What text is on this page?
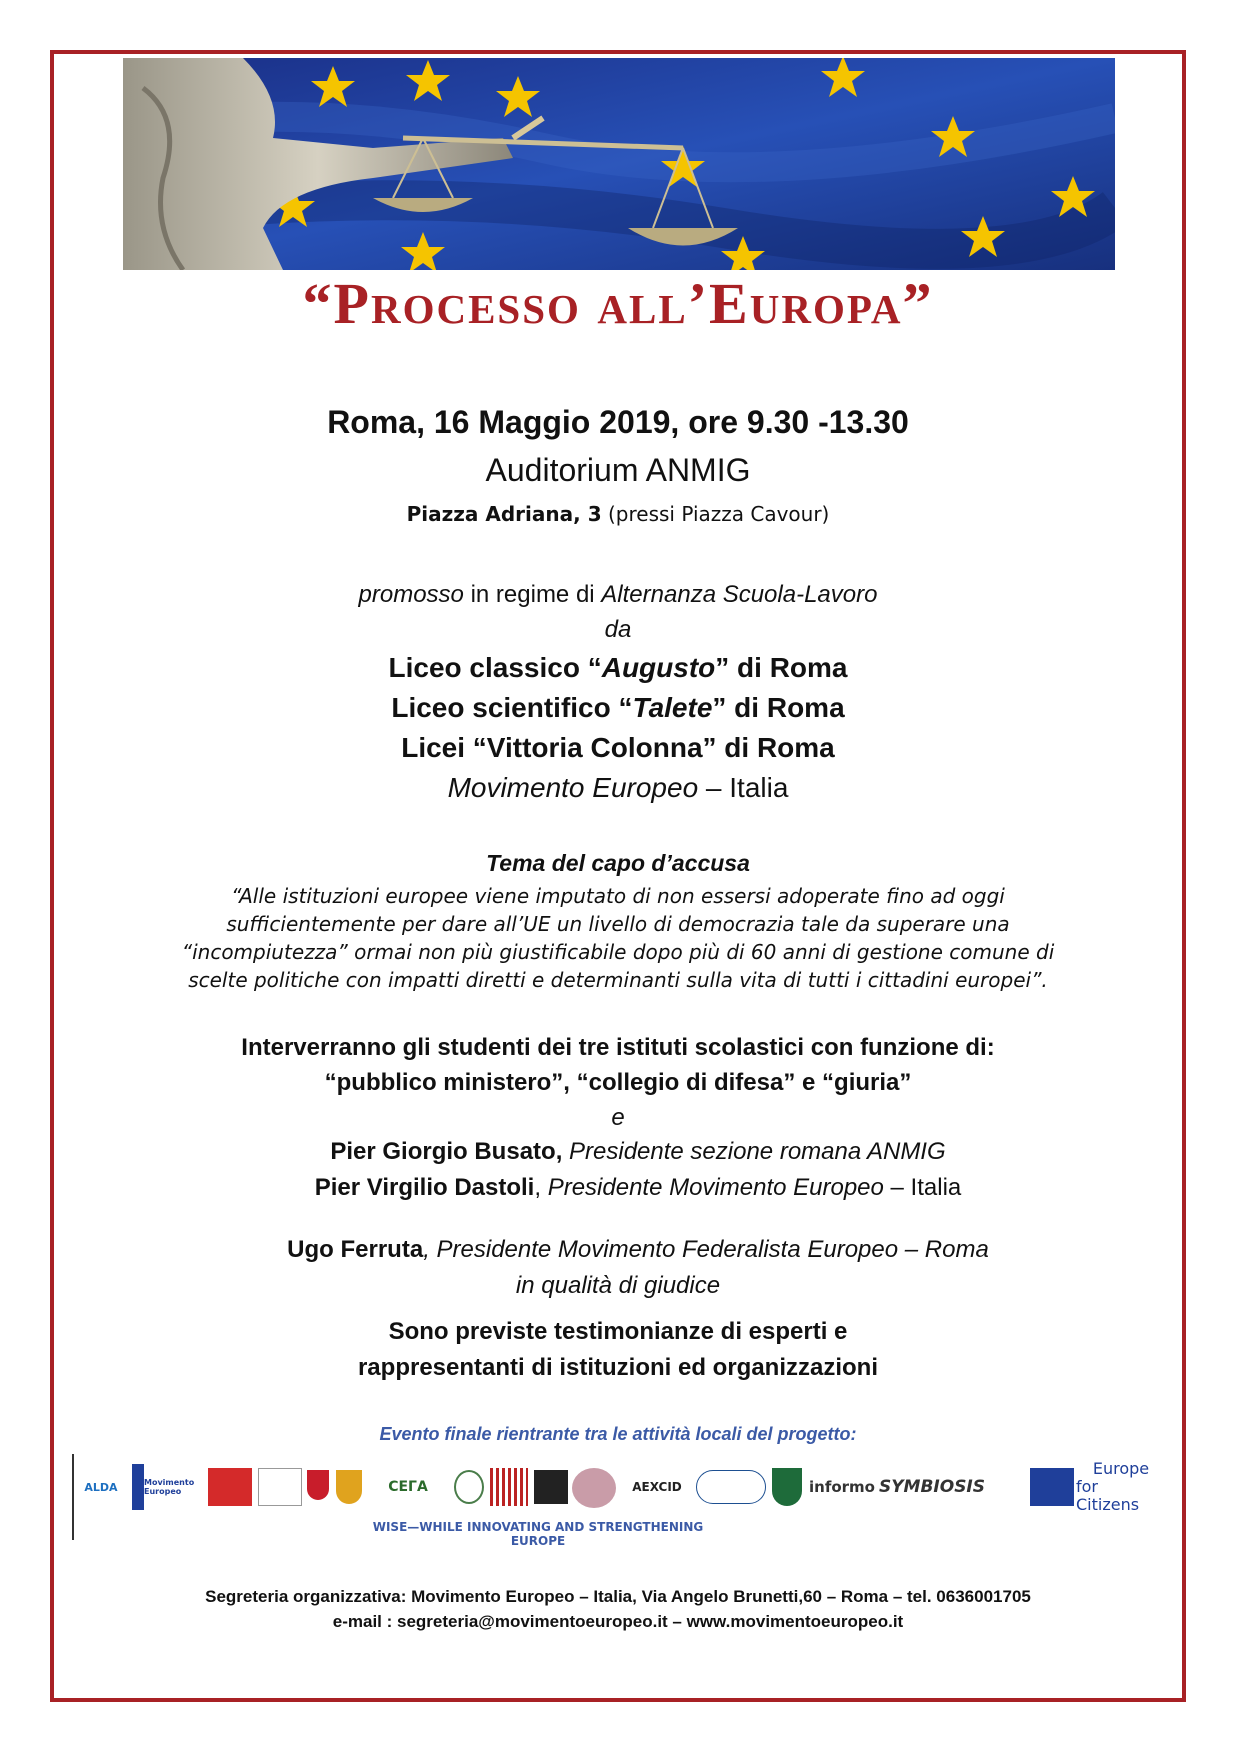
“Processo all’Europa”
Roma, 16 Maggio 2019, ore 9.30 -13.30
Auditorium ANMIG
Piazza Adriana, 3 (pressi Piazza Cavour)
promosso in regime di Alternanza Scuola-Lavoro
da
Liceo classico “Augusto” di Roma
Liceo scientifico “Talete” di Roma
Licei “Vittoria Colonna” di Roma
Movimento Europeo – Italia
Tema del capo d’accusa
“Alle istituzioni europee viene imputato di non essersi adoperate fino ad oggi
sufficientemente per dare all’UE un livello di democrazia tale da superare una
“incompiutezza” ormai non più giustificabile dopo più di 60 anni di gestione comune di
scelte politiche con impatti diretti e determinanti sulla vita di tutti i cittadini europei”.
Interverranno gli studenti dei tre istituti scolastici con funzione di:
“pubblico ministero”, “collegio di difesa” e “giuria”
e
Pier Giorgio Busato, Presidente sezione romana ANMIG
Pier Virgilio Dastoli, Presidente Movimento Europeo – Italia
Ugo Ferruta, Presidente Movimento Federalista Europeo – Roma
in qualità di giudice
Sono previste testimonianze di esperti e
rappresentanti di istituzioni ed organizzazioni
Evento finale rientrante tra le attività locali del progetto:
ALDA	Movimento Europeo	CEГA	AEXCID	informo SYMBIOSIS
Europe
for Citizens
WISE—WHILE INNOVATING AND STRENGTHENING EUROPE
Segreteria organizzativa: Movimento Europeo – Italia, Via Angelo Brunetti,60 – Roma – tel. 0636001705
e-mail : segreteria@movimentoeuropeo.it – www.movimentoeuropeo.it
